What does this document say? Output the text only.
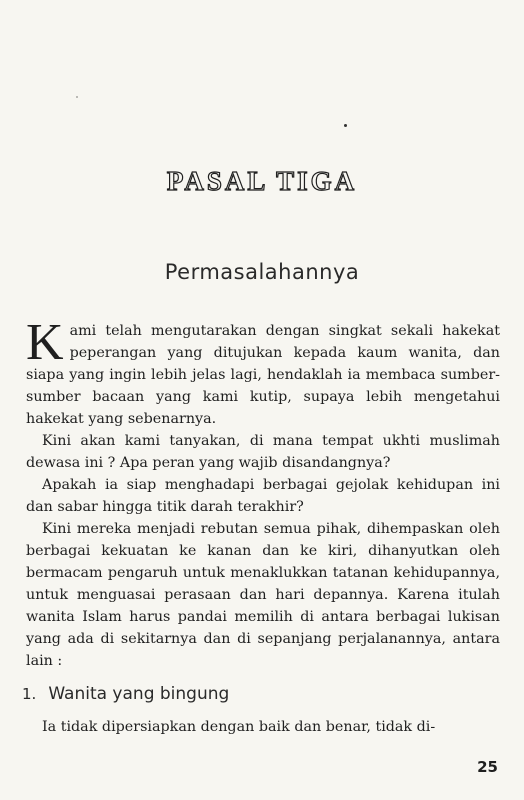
PASAL TIGA
Permasalahannya

Kami telah mengutarakan dengan singkat sekali hakekat peperangan yang ditujukan kepada kaum wanita, dan siapa yang ingin lebih jelas lagi, hendaklah ia membaca sumber-sumber bacaan yang kami kutip, supaya lebih mengetahui hakekat yang sebenarnya.

Kini akan kami tanyakan, di mana tempat ukhti muslimah dewasa ini ? Apa peran yang wajib disandangnya?

Apakah ia siap menghadapi berbagai gejolak kehidupan ini dan sabar hingga titik darah terakhir?

Kini mereka menjadi rebutan semua pihak, dihempaskan oleh berbagai kekuatan ke kanan dan ke kiri, dihanyutkan oleh bermacam pengaruh untuk menaklukkan tatanan kehidupannya, untuk menguasai perasaan dan hari depannya. Karena itulah wanita Islam harus pandai memilih di antara berbagai lukisan yang ada di sekitarnya dan di sepanjang perjalanannya, antara lain :

1. Wanita yang bingung
Ia tidak dipersiapkan dengan baik dan benar, tidak di-
25
